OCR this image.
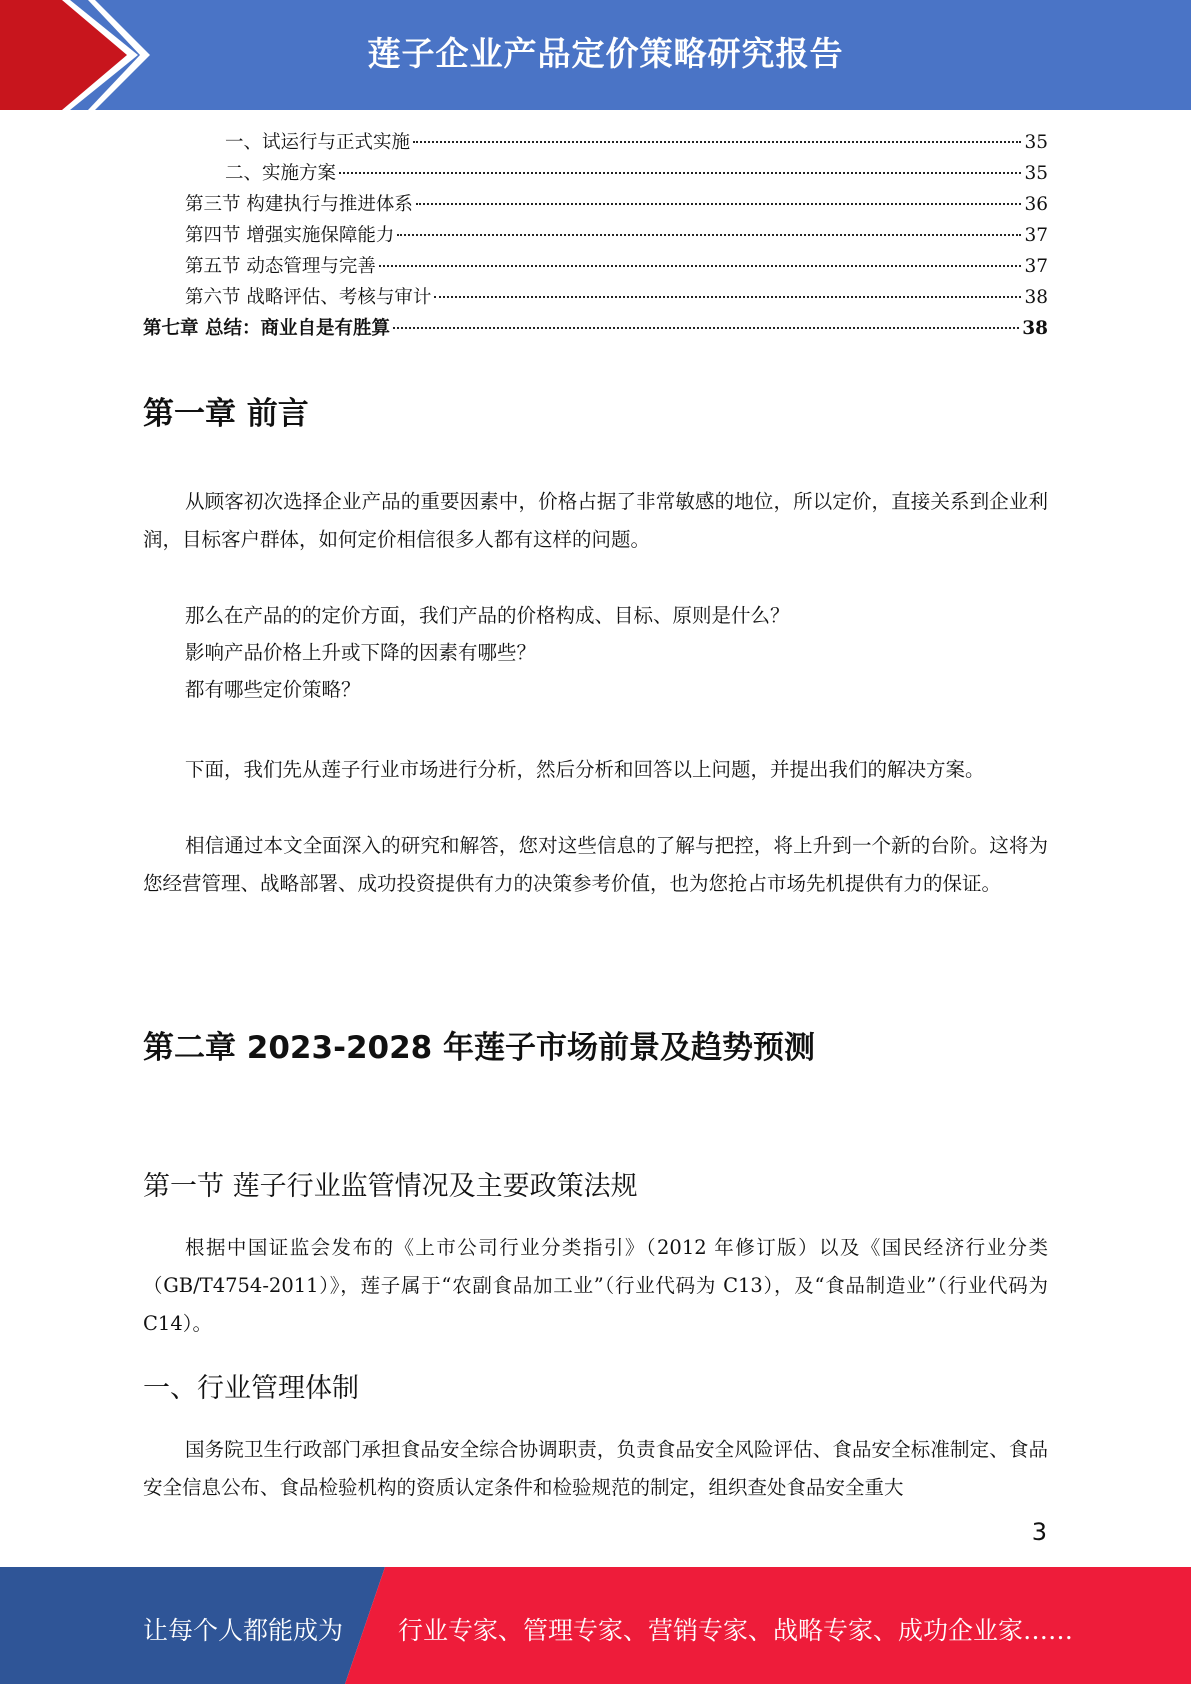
莲子企业产品定价策略研究报告
一、试运行与正式实施	35
二、实施方案	35
第三节 构建执行与推进体系	36
第四节 增强实施保障能力	37
第五节 动态管理与完善	37
第六节 战略评估、考核与审计	38
第七章 总结：商业自是有胜算	38
第一章 前言
从顾客初次选择企业产品的重要因素中，价格占据了非常敏感的地位，所以定价，直接关系到企业利润，目标客户群体，如何定价相信很多人都有这样的问题。
那么在产品的的定价方面，我们产品的价格构成、目标、原则是什么？
影响产品价格上升或下降的因素有哪些？
都有哪些定价策略？
下面，我们先从莲子行业市场进行分析，然后分析和回答以上问题，并提出我们的解决方案。
相信通过本文全面深入的研究和解答，您对这些信息的了解与把控，将上升到一个新的台阶。这将为您经营管理、战略部署、成功投资提供有力的决策参考价值，也为您抢占市场先机提供有力的保证。
第二章 2023-2028 年莲子市场前景及趋势预测
第一节 莲子行业监管情况及主要政策法规
根据中国证监会发布的《上市公司行业分类指引》（2012 年修订版）以及《国民经济行业分类（GB/T4754-2011）》，莲子属于“农副食品加工业”（行业代码为 C13），及“食品制造业”（行业代码为 C14）。
一、行业管理体制
国务院卫生行政部门承担食品安全综合协调职责，负责食品安全风险评估、食品安全标准制定、食品安全信息公布、食品检验机构的资质认定条件和检验规范的制定，组织查处食品安全重大
3
让每个人都能成为 行业专家、管理专家、营销专家、战略专家、成功企业家……
